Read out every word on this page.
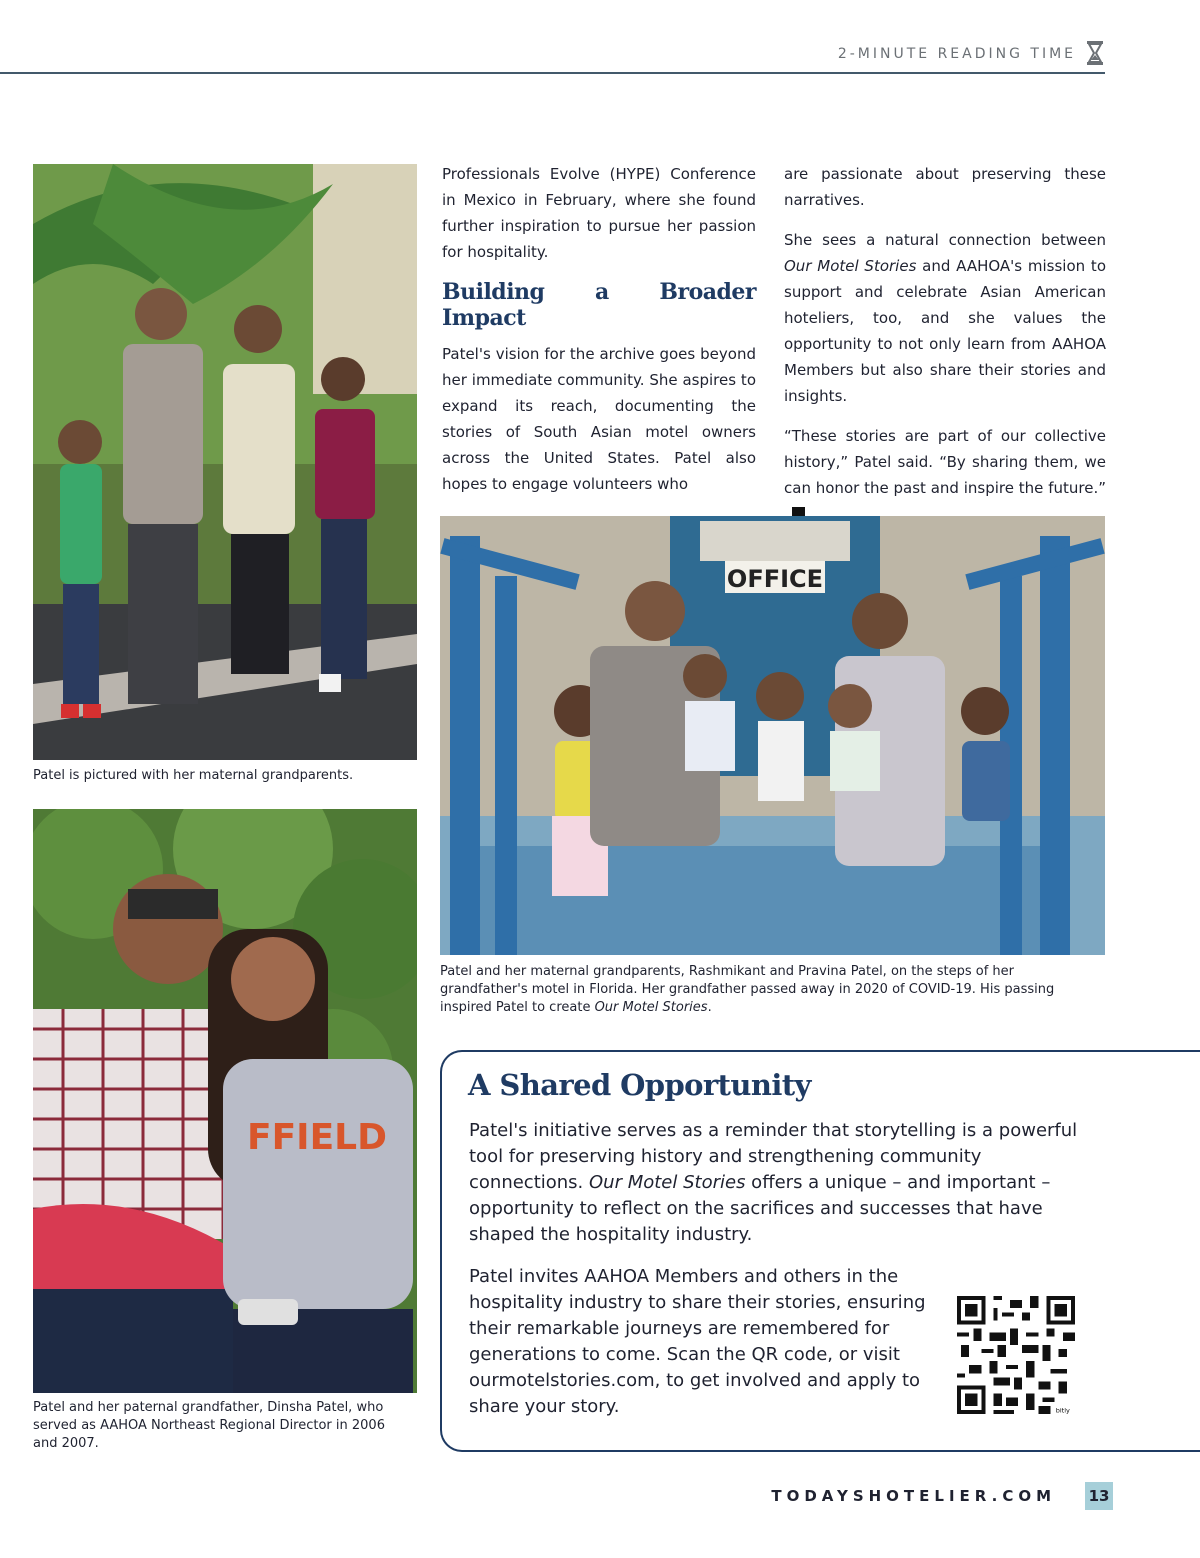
2-MINUTE READING TIME
Patel is pictured with her maternal grandparents.
FFIELD
Patel and her paternal grandfather, Dinsha Patel, who served as AAHOA Northeast Regional Director in 2006 and 2007.

Professionals Evolve (HYPE) Conference in Mexico in February, where she found further inspiration to pursue her passion for hospitality.

Building a Broader Impact

Patel's vision for the archive goes beyond her immediate community. She aspires to expand its reach, documenting the stories of South Asian motel owners across the United States. Patel also hopes to engage volunteers who

are passionate about preserving these narratives.

She sees a natural connection between Our Motel Stories and AAHOA's mission to support and celebrate Asian American hoteliers, too, and she values the opportunity to not only learn from AAHOA Members but also share their stories and insights.

“These stories are part of our collective history,” Patel said. “By sharing them, we can honor the past and inspire the future.”

OFFICE
Patel and her maternal grandparents, Rashmikant and Pravina Patel, on the steps of her grandfather's motel in Florida. Her grandfather passed away in 2020 of COVID-19. His passing inspired Patel to create Our Motel Stories.
A Shared Opportunity
Patel's initiative serves as a reminder that storytelling is a powerful tool for preserving history and strengthening community connections. Our Motel Stories offers a unique – and important – opportunity to reflect on the sacrifices and successes that have shaped the hospitality industry.
Patel invites AAHOA Members and others in the hospitality industry to share their stories, ensuring their remarkable journeys are remembered for generations to come. Scan the QR code, or visit ourmotelstories.com, to get involved and apply to share your story.	bitly
TODAYSHOTELIER.COM 13
